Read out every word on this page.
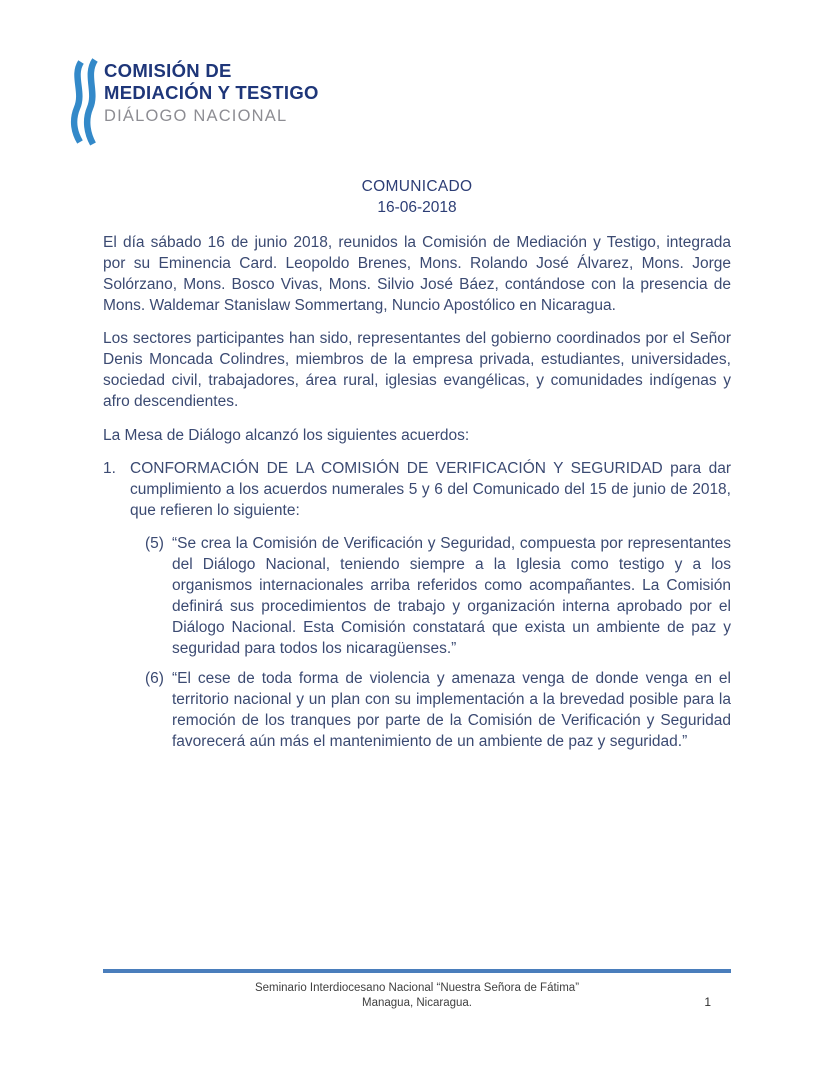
COMISIÓN DE
MEDIACIÓN Y TESTIGO
DIÁLOGO NACIONAL
COMUNICADO
16-06-2018

El día sábado 16 de junio 2018, reunidos la Comisión de Mediación y Testigo, integrada por su Eminencia Card. Leopoldo Brenes, Mons. Rolando José Álvarez, Mons. Jorge Solórzano, Mons. Bosco Vivas, Mons. Silvio José Báez, contándose con la presencia de Mons. Waldemar Stanislaw Sommertang, Nuncio Apostólico en Nicaragua.

Los sectores participantes han sido, representantes del gobierno coordinados por el Señor Denis Moncada Colindres, miembros de la empresa privada, estudiantes, universidades, sociedad civil, trabajadores, área rural, iglesias evangélicas, y comunidades indígenas y afro descendientes.

La Mesa de Diálogo alcanzó los siguientes acuerdos:

1. CONFORMACIÓN DE LA COMISIÓN DE VERIFICACIÓN Y SEGURIDAD para dar cumplimiento a los acuerdos numerales 5 y 6 del Comunicado del 15 de junio de 2018, que refieren lo siguiente:
(5) “Se crea la Comisión de Verificación y Seguridad, compuesta por representantes del Diálogo Nacional, teniendo siempre a la Iglesia como testigo y a los organismos internacionales arriba referidos como acompañantes. La Comisión definirá sus procedimientos de trabajo y organización interna aprobado por el Diálogo Nacional. Esta Comisión constatará que exista un ambiente de paz y seguridad para todos los nicaragüenses.”
(6) “El cese de toda forma de violencia y amenaza venga de donde venga en el territorio nacional y un plan con su implementación a la brevedad posible para la remoción de los tranques por parte de la Comisión de Verificación y Seguridad favorecerá aún más el mantenimiento de un ambiente de paz y seguridad.”
Seminario Interdiocesano Nacional “Nuestra Señora de Fátima”
Managua, Nicaragua.	1
